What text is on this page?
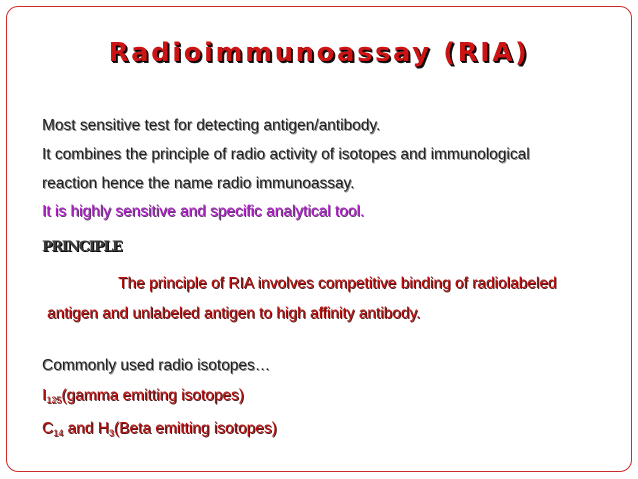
Radioimmunoassay (RIA)
Most sensitive test for detecting antigen/antibody.
It combines the principle of radio activity of isotopes and immunological
reaction hence the name radio immunoassay.
It is highly sensitive and specific analytical tool.
PRINCIPLE
The principle of RIA involves competitive binding of radiolabeled
antigen and unlabeled antigen to high affinity antibody.
Commonly used radio isotopes…
$I_{125}(gamma$ emitting isotopes)
$C_{14}$ and $H_3(Beta$ emitting isotopes)
